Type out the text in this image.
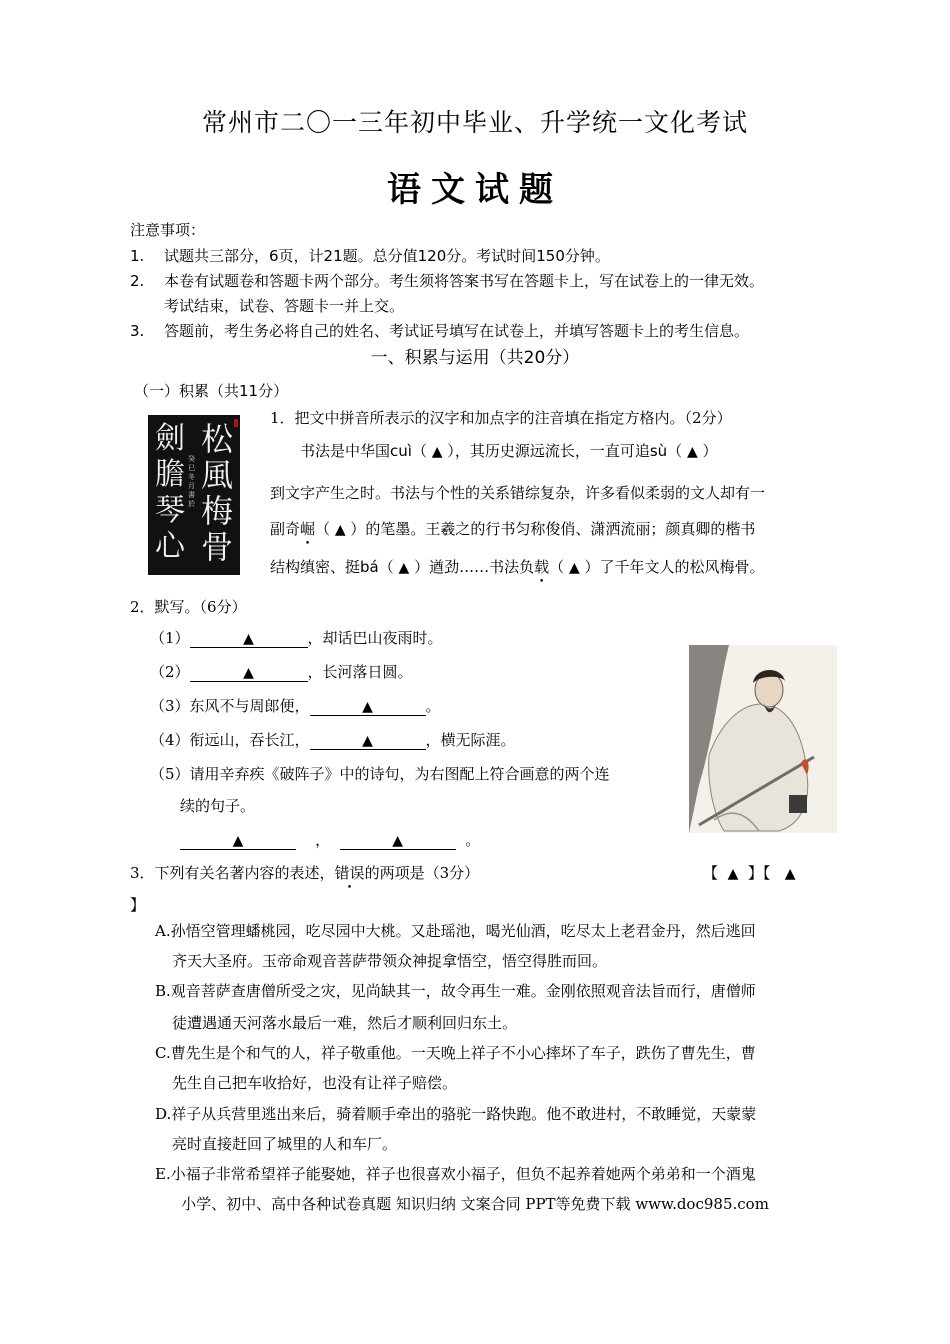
常州市二〇一三年初中毕业、升学统一文化考试
语文试题
注意事项：
1. 试题共三部分，6页，计21题。总分值120分。考试时间150分钟。
2. 本卷有试题卷和答题卡两个部分。考生须将答案书写在答题卡上，写在试卷上的一律无效。
考试结束，试卷、答题卡一并上交。
3. 答题前，考生务必将自己的姓名、考试证号填写在试卷上，并填写答题卡上的考生信息。
一、积累与运用（共20分）
（一）积累（共11分）
松風梅骨
劍膽琴心
癸巳冬月書於
1．把文中拼音所表示的汉字和加点字的注音填在指定方格内。（2分）
书法是中华国cuì（ ▲ ），其历史源远流长，一直可追sù（ ▲ ）
到文字产生之时。书法与个性的关系错综复杂，许多看似柔弱的文人却有一
副奇崛（ ▲ ）的笔墨。王羲之的行书匀称俊俏、潇洒流丽；颜真卿的楷书
结构缜密、挺bá（ ▲ ）遒劲……书法负载（ ▲ ）了千年文人的松风梅骨。
2．默写。（6分）
（1）	▲	，却话巴山夜雨时。
（2）	▲	，长河落日圆。
（3）东风不与周郎便，	▲	。
（4）衔远山，吞长江，	▲	，横无际涯。
（5）请用辛弃疾《破阵子》中的诗句，为右图配上符合画意的两个连
续的句子。
▲	，	▲	。
3．下列有关名著内容的表述，错误的两项是（3分）	【 ▲ 】【 ▲
】
A.孙悟空管理蟠桃园，吃尽园中大桃。又赴瑶池，喝光仙酒，吃尽太上老君金丹，然后逃回
齐天大圣府。玉帝命观音菩萨带领众神捉拿悟空，悟空得胜而回。
B.观音菩萨查唐僧所受之灾，见尚缺其一，故令再生一难。金刚依照观音法旨而行，唐僧师
徒遭遇通天河落水最后一难，然后才顺利回归东土。
C.曹先生是个和气的人，祥子敬重他。一天晚上祥子不小心摔坏了车子，跌伤了曹先生，曹
先生自己把车收拾好，也没有让祥子赔偿。
D.祥子从兵营里逃出来后，骑着顺手牵出的骆驼一路快跑。他不敢进村，不敢睡觉，天蒙蒙
亮时直接赶回了城里的人和车厂。
E.小福子非常希望祥子能娶她，祥子也很喜欢小福子，但负不起养着她两个弟弟和一个酒鬼
小学、初中、高中各种试卷真题 知识归纳 文案合同 PPT等免费下载 www.doc985.com
